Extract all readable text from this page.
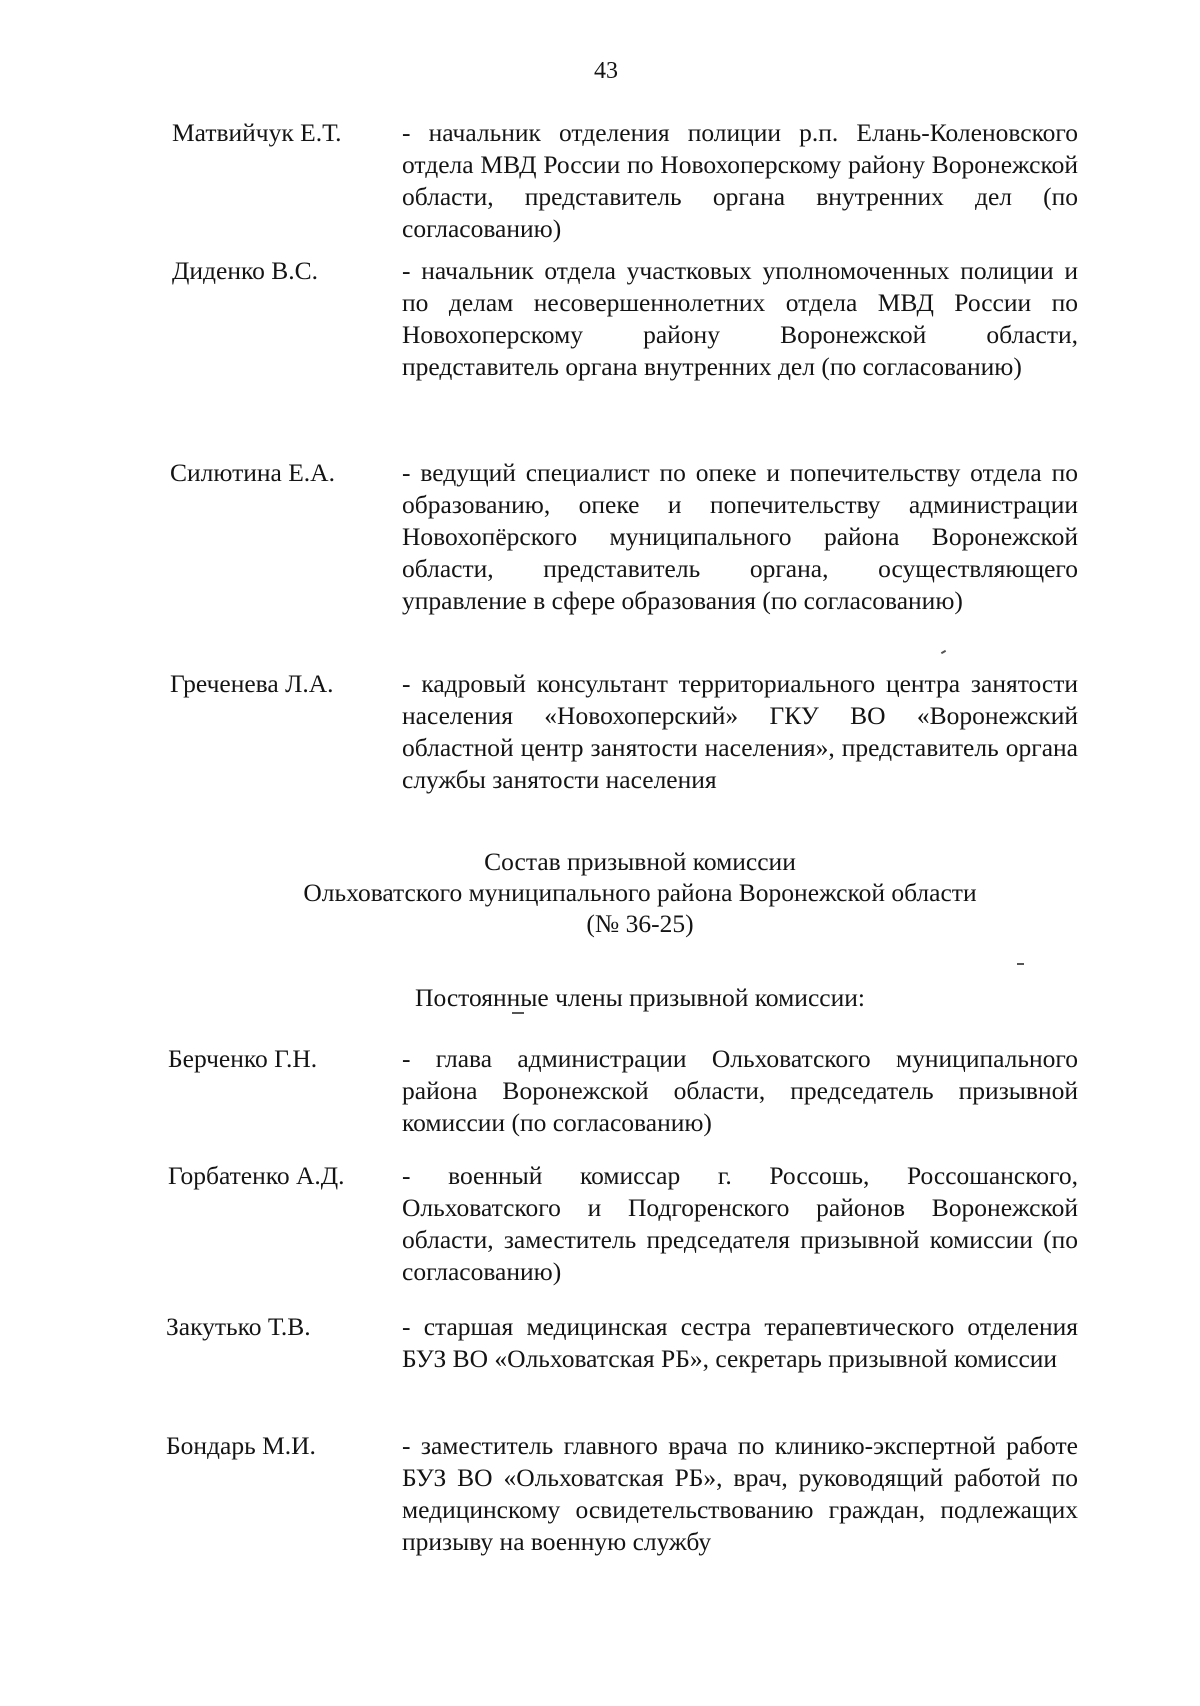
43
Матвийчук Е.Т. - начальник отделения полиции р.п. Елань-Коленовского отдела МВД России по Новохоперскому району Воронежской области, представитель органа внутренних дел (по согласованию)
Диденко В.С.	- начальник отдела участковых уполномоченных полиции и по делам несовершеннолетних отдела МВД России по Новохоперскому району Воронежской области, представитель органа внутренних дел (по согласованию)
Силютина Е.А.	- ведущий специалист по опеке и попечительству отдела по образованию, опеке и попечительству администрации Новохопёрского муниципального района Воронежской области, представитель органа, осуществляющего управление в сфере образования (по согласованию)
Греченева Л.А.	- кадровый консультант территориального центра занятости населения «Новохоперский» ГКУ ВО «Воронежский областной центр занятости населения», представитель органа службы занятости населения
Состав призывной комиссии
Ольховатского муниципального района Воронежской области
(№ 36-25)
Постоянные члены призывной комиссии:
Берченко Г.Н.	- глава администрации Ольховатского муниципального района Воронежской области, председатель призывной комиссии (по согласованию)
Горбатенко А.Д. - военный комиссар г. Россошь, Россошанского, Ольховатского и Подгоренского районов Воронежской области, заместитель председателя призывной комиссии (по согласованию)
Закутько Т.В.	- старшая медицинская сестра терапевтического отделения БУЗ ВО «Ольховатская РБ», секретарь призывной комиссии
Бондарь М.И.	- заместитель главного врача по клинико-экспертной работе БУЗ ВО «Ольховатская РБ», врач, руководящий работой по медицинскому освидетельствованию граждан, подлежащих призыву на военную службу
